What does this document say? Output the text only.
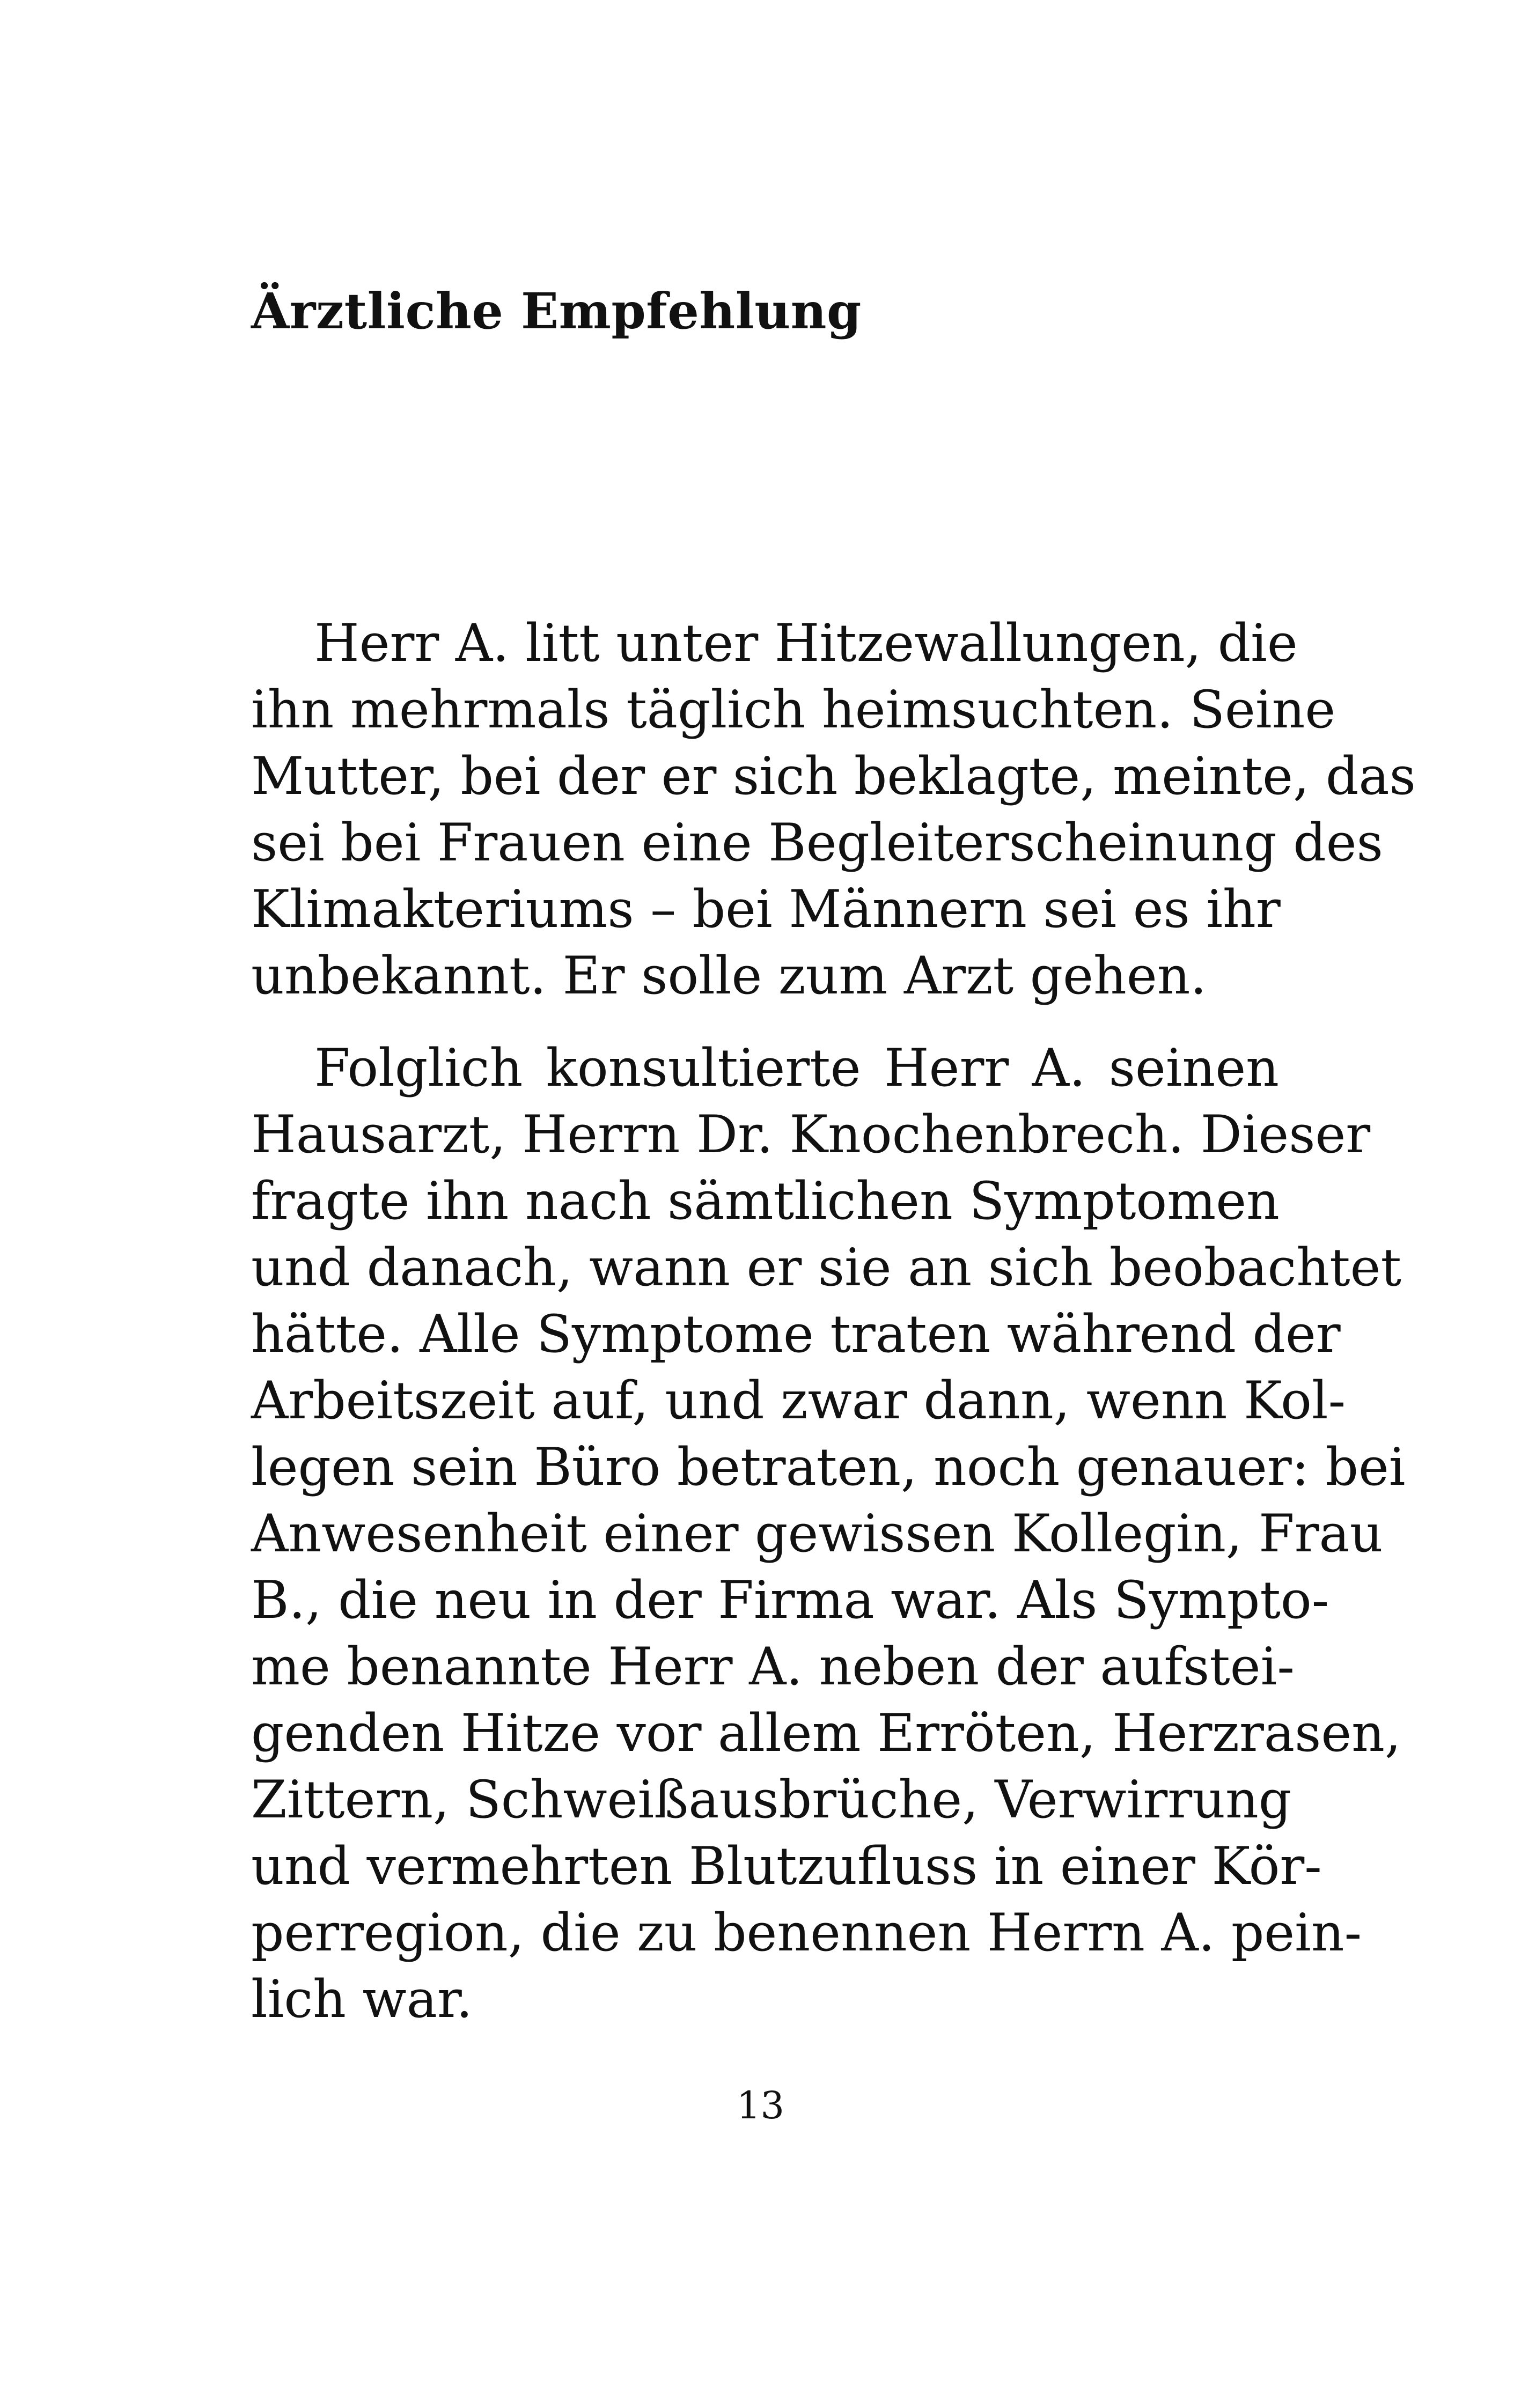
Ärztliche Empfehlung
Herr A. litt unter Hitzewallungen, die
ihn mehrmals täglich heimsuchten. Seine
Mutter, bei der er sich beklagte, meinte, das
sei bei Frauen eine Begleiterscheinung des
Klimakteriums – bei Männern sei es ihr
unbekannt. Er solle zum Arzt gehen.
Folglich konsultierte Herr A. seinen
Hausarzt, Herrn Dr. Knochenbrech. Dieser
fragte ihn nach sämtlichen Symptomen
und danach, wann er sie an sich beobachtet
hätte. Alle Symptome traten während der
Arbeitszeit auf, und zwar dann, wenn Kol-
legen sein Büro betraten, noch genauer: bei
Anwesenheit einer gewissen Kollegin, Frau
B., die neu in der Firma war. Als Sympto-
me benannte Herr A. neben der aufstei-
genden Hitze vor allem Erröten, Herzrasen,
Zittern, Schweißausbrüche, Verwirrung
und vermehrten Blutzufluss in einer Kör-
perregion, die zu benennen Herrn A. pein-
lich war.
13
